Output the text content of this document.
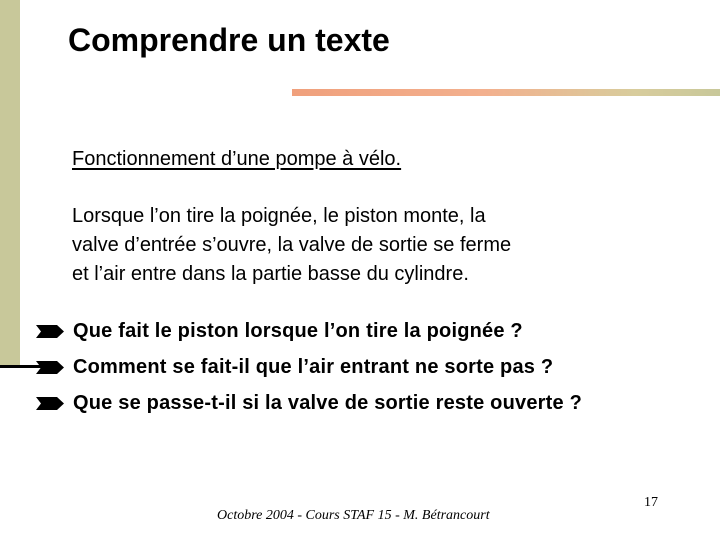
Comprendre un texte
Fonctionnement d’une pompe à vélo.
Lorsque l’on tire la poignée, le piston monte, la
valve d’entrée s’ouvre, la valve de sortie se ferme
et l’air entre dans la partie basse du cylindre.
Que fait le piston lorsque l’on tire la poignée ?
Comment se fait-il que l’air entrant ne sorte pas ?
Que se passe-t-il si la valve de sortie reste ouverte ?
Octobre 2004 - Cours STAF 15 - M. Bétrancourt
17
